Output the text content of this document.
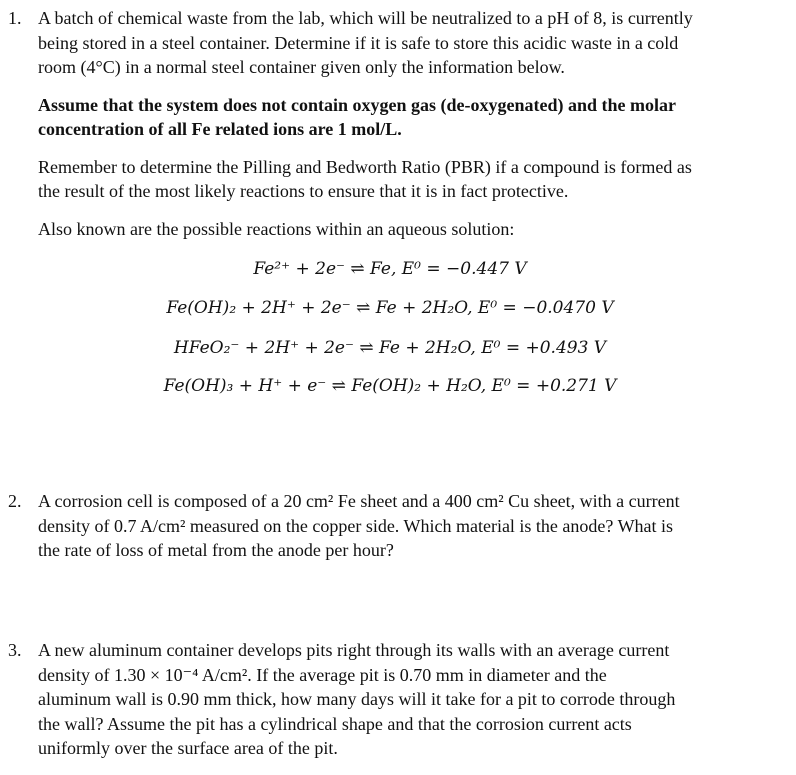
1. A batch of chemical waste from the lab, which will be neutralized to a pH of 8, is currently
being stored in a steel container. Determine if it is safe to store this acidic waste in a cold
room (4°C) in a normal steel container given only the information below.

Assume that the system does not contain oxygen gas (de-oxygenated) and the molar
concentration of all Fe related ions are 1 mol/L.

Remember to determine the Pilling and Bedworth Ratio (PBR) if a compound is formed as
the result of the most likely reactions to ensure that it is in fact protective.

Also known are the possible reactions within an aqueous solution:

Fe²⁺ + 2e⁻ ⇌ Fe, E⁰ = −0.447 V
Fe(OH)₂ + 2H⁺ + 2e⁻ ⇌ Fe + 2H₂O, E⁰ = −0.0470 V
HFeO₂⁻ + 2H⁺ + 2e⁻ ⇌ Fe + 2H₂O, E⁰ = +0.493 V
Fe(OH)₃ + H⁺ + e⁻ ⇌ Fe(OH)₂ + H₂O, E⁰ = +0.271 V
2. A corrosion cell is composed of a 20 cm² Fe sheet and a 400 cm² Cu sheet, with a current
density of 0.7 A/cm² measured on the copper side. Which material is the anode? What is
the rate of loss of metal from the anode per hour?
3. A new aluminum container develops pits right through its walls with an average current
density of 1.30 × 10⁻⁴ A/cm². If the average pit is 0.70 mm in diameter and the
aluminum wall is 0.90 mm thick, how many days will it take for a pit to corrode through
the wall? Assume the pit has a cylindrical shape and that the corrosion current acts
uniformly over the surface area of the pit.
